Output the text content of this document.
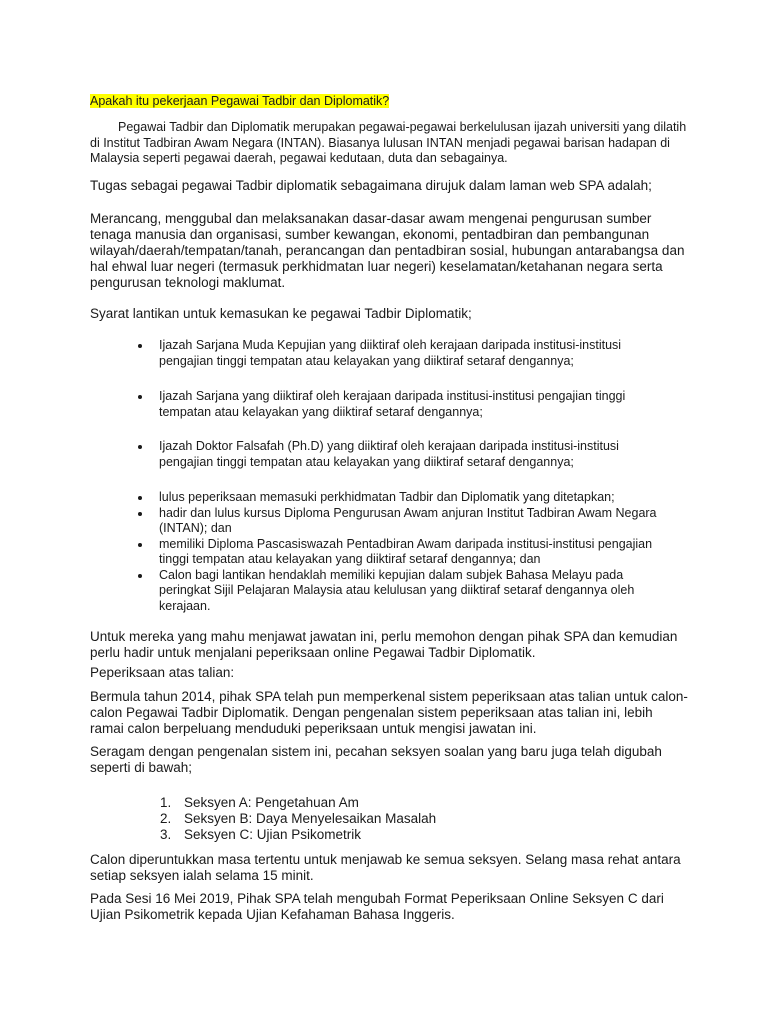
Apakah itu pekerjaan Pegawai Tadbir dan Diplomatik?

Pegawai Tadbir dan Diplomatik merupakan pegawai-pegawai berkelulusan ijazah universiti yang dilatih di Institut Tadbiran Awam Negara (INTAN). Biasanya lulusan INTAN menjadi pegawai barisan hadapan di Malaysia seperti pegawai daerah, pegawai kedutaan, duta dan sebagainya.

Tugas sebagai pegawai Tadbir diplomatik sebagaimana dirujuk dalam laman web SPA adalah;

Merancang, menggubal dan melaksanakan dasar-dasar awam mengenai pengurusan sumber tenaga manusia dan organisasi, sumber kewangan, ekonomi, pentadbiran dan pembangunan wilayah/daerah/tempatan/tanah, perancangan dan pentadbiran sosial, hubungan antarabangsa dan hal ehwal luar negeri (termasuk perkhidmatan luar negeri) keselamatan/ketahanan negara serta pengurusan teknologi maklumat.

Syarat lantikan untuk kemasukan ke pegawai Tadbir Diplomatik;

Ijazah Sarjana Muda Kepujian yang diiktiraf oleh kerajaan daripada institusi-institusi pengajian tinggi tempatan atau kelayakan yang diiktiraf setaraf dengannya;
Ijazah Sarjana yang diiktiraf oleh kerajaan daripada institusi-institusi pengajian tinggi tempatan atau kelayakan yang diiktiraf setaraf dengannya;
Ijazah Doktor Falsafah (Ph.D) yang diiktiraf oleh kerajaan daripada institusi-institusi pengajian tinggi tempatan atau kelayakan yang diiktiraf setaraf dengannya;
lulus peperiksaan memasuki perkhidmatan Tadbir dan Diplomatik yang ditetapkan;
hadir dan lulus kursus Diploma Pengurusan Awam anjuran Institut Tadbiran Awam Negara (INTAN); dan
memiliki Diploma Pascasiswazah Pentadbiran Awam daripada institusi-institusi pengajian tinggi tempatan atau kelayakan yang diiktiraf setaraf dengannya; dan
Calon bagi lantikan hendaklah memiliki kepujian dalam subjek Bahasa Melayu pada peringkat Sijil Pelajaran Malaysia atau kelulusan yang diiktiraf setaraf dengannya oleh kerajaan.

Untuk mereka yang mahu menjawat jawatan ini, perlu memohon dengan pihak SPA dan kemudian perlu hadir untuk menjalani peperiksaan online Pegawai Tadbir Diplomatik.

Peperiksaan atas talian:

Bermula tahun 2014, pihak SPA telah pun memperkenal sistem peperiksaan atas talian untuk calon-calon Pegawai Tadbir Diplomatik. Dengan pengenalan sistem peperiksaan atas talian ini, lebih ramai calon berpeluang menduduki peperiksaan untuk mengisi jawatan ini.

Seragam dengan pengenalan sistem ini, pecahan seksyen soalan yang baru juga telah digubah seperti di bawah;

1. Seksyen A: Pengetahuan Am
2. Seksyen B: Daya Menyelesaikan Masalah
3. Seksyen C: Ujian Psikometrik

Calon diperuntukkan masa tertentu untuk menjawab ke semua seksyen. Selang masa rehat antara setiap seksyen ialah selama 15 minit.

Pada Sesi 16 Mei 2019, Pihak SPA telah mengubah Format Peperiksaan Online Seksyen C dari Ujian Psikometrik kepada Ujian Kefahaman Bahasa Inggeris.
